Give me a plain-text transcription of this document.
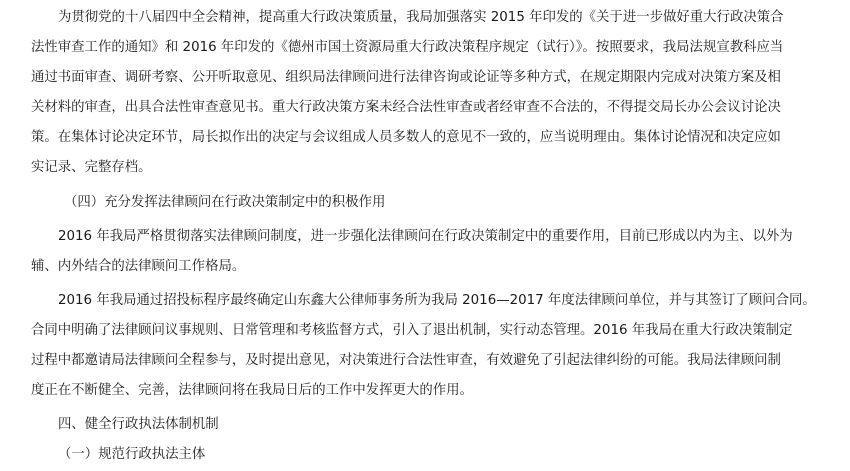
为贯彻党的十八届四中全会精神，提高重大行政决策质量，我局加强落实 2015 年印发的《关于进一步做好重大行政决策合
法性审查工作的通知》和 2016 年印发的《德州市国土资源局重大行政决策程序规定（试行）》。按照要求，我局法规宣教科应当
通过书面审查、调研考察、公开听取意见、组织局法律顾问进行法律咨询或论证等多种方式，在规定期限内完成对决策方案及相
关材料的审查，出具合法性审查意见书。重大行政决策方案未经合法性审查或者经审查不合法的，不得提交局长办公会议讨论决
策。在集体讨论决定环节，局长拟作出的决定与会议组成人员多数人的意见不一致的，应当说明理由。集体讨论情况和决定应如
实记录、完整存档。
（四）充分发挥法律顾问在行政决策制定中的积极作用
2016 年我局严格贯彻落实法律顾问制度，进一步强化法律顾问在行政决策制定中的重要作用，目前已形成以内为主、以外为
辅、内外结合的法律顾问工作格局。
2016 年我局通过招投标程序最终确定山东鑫大公律师事务所为我局 2016—2017 年度法律顾问单位，并与其签订了顾问合同。
合同中明确了法律顾问议事规则、日常管理和考核监督方式，引入了退出机制，实行动态管理。2016 年我局在重大行政决策制定
过程中都邀请局法律顾问全程参与，及时提出意见，对决策进行合法性审查，有效避免了引起法律纠纷的可能。我局法律顾问制
度正在不断健全、完善，法律顾问将在我局日后的工作中发挥更大的作用。
四、健全行政执法体制机制
（一）规范行政执法主体
